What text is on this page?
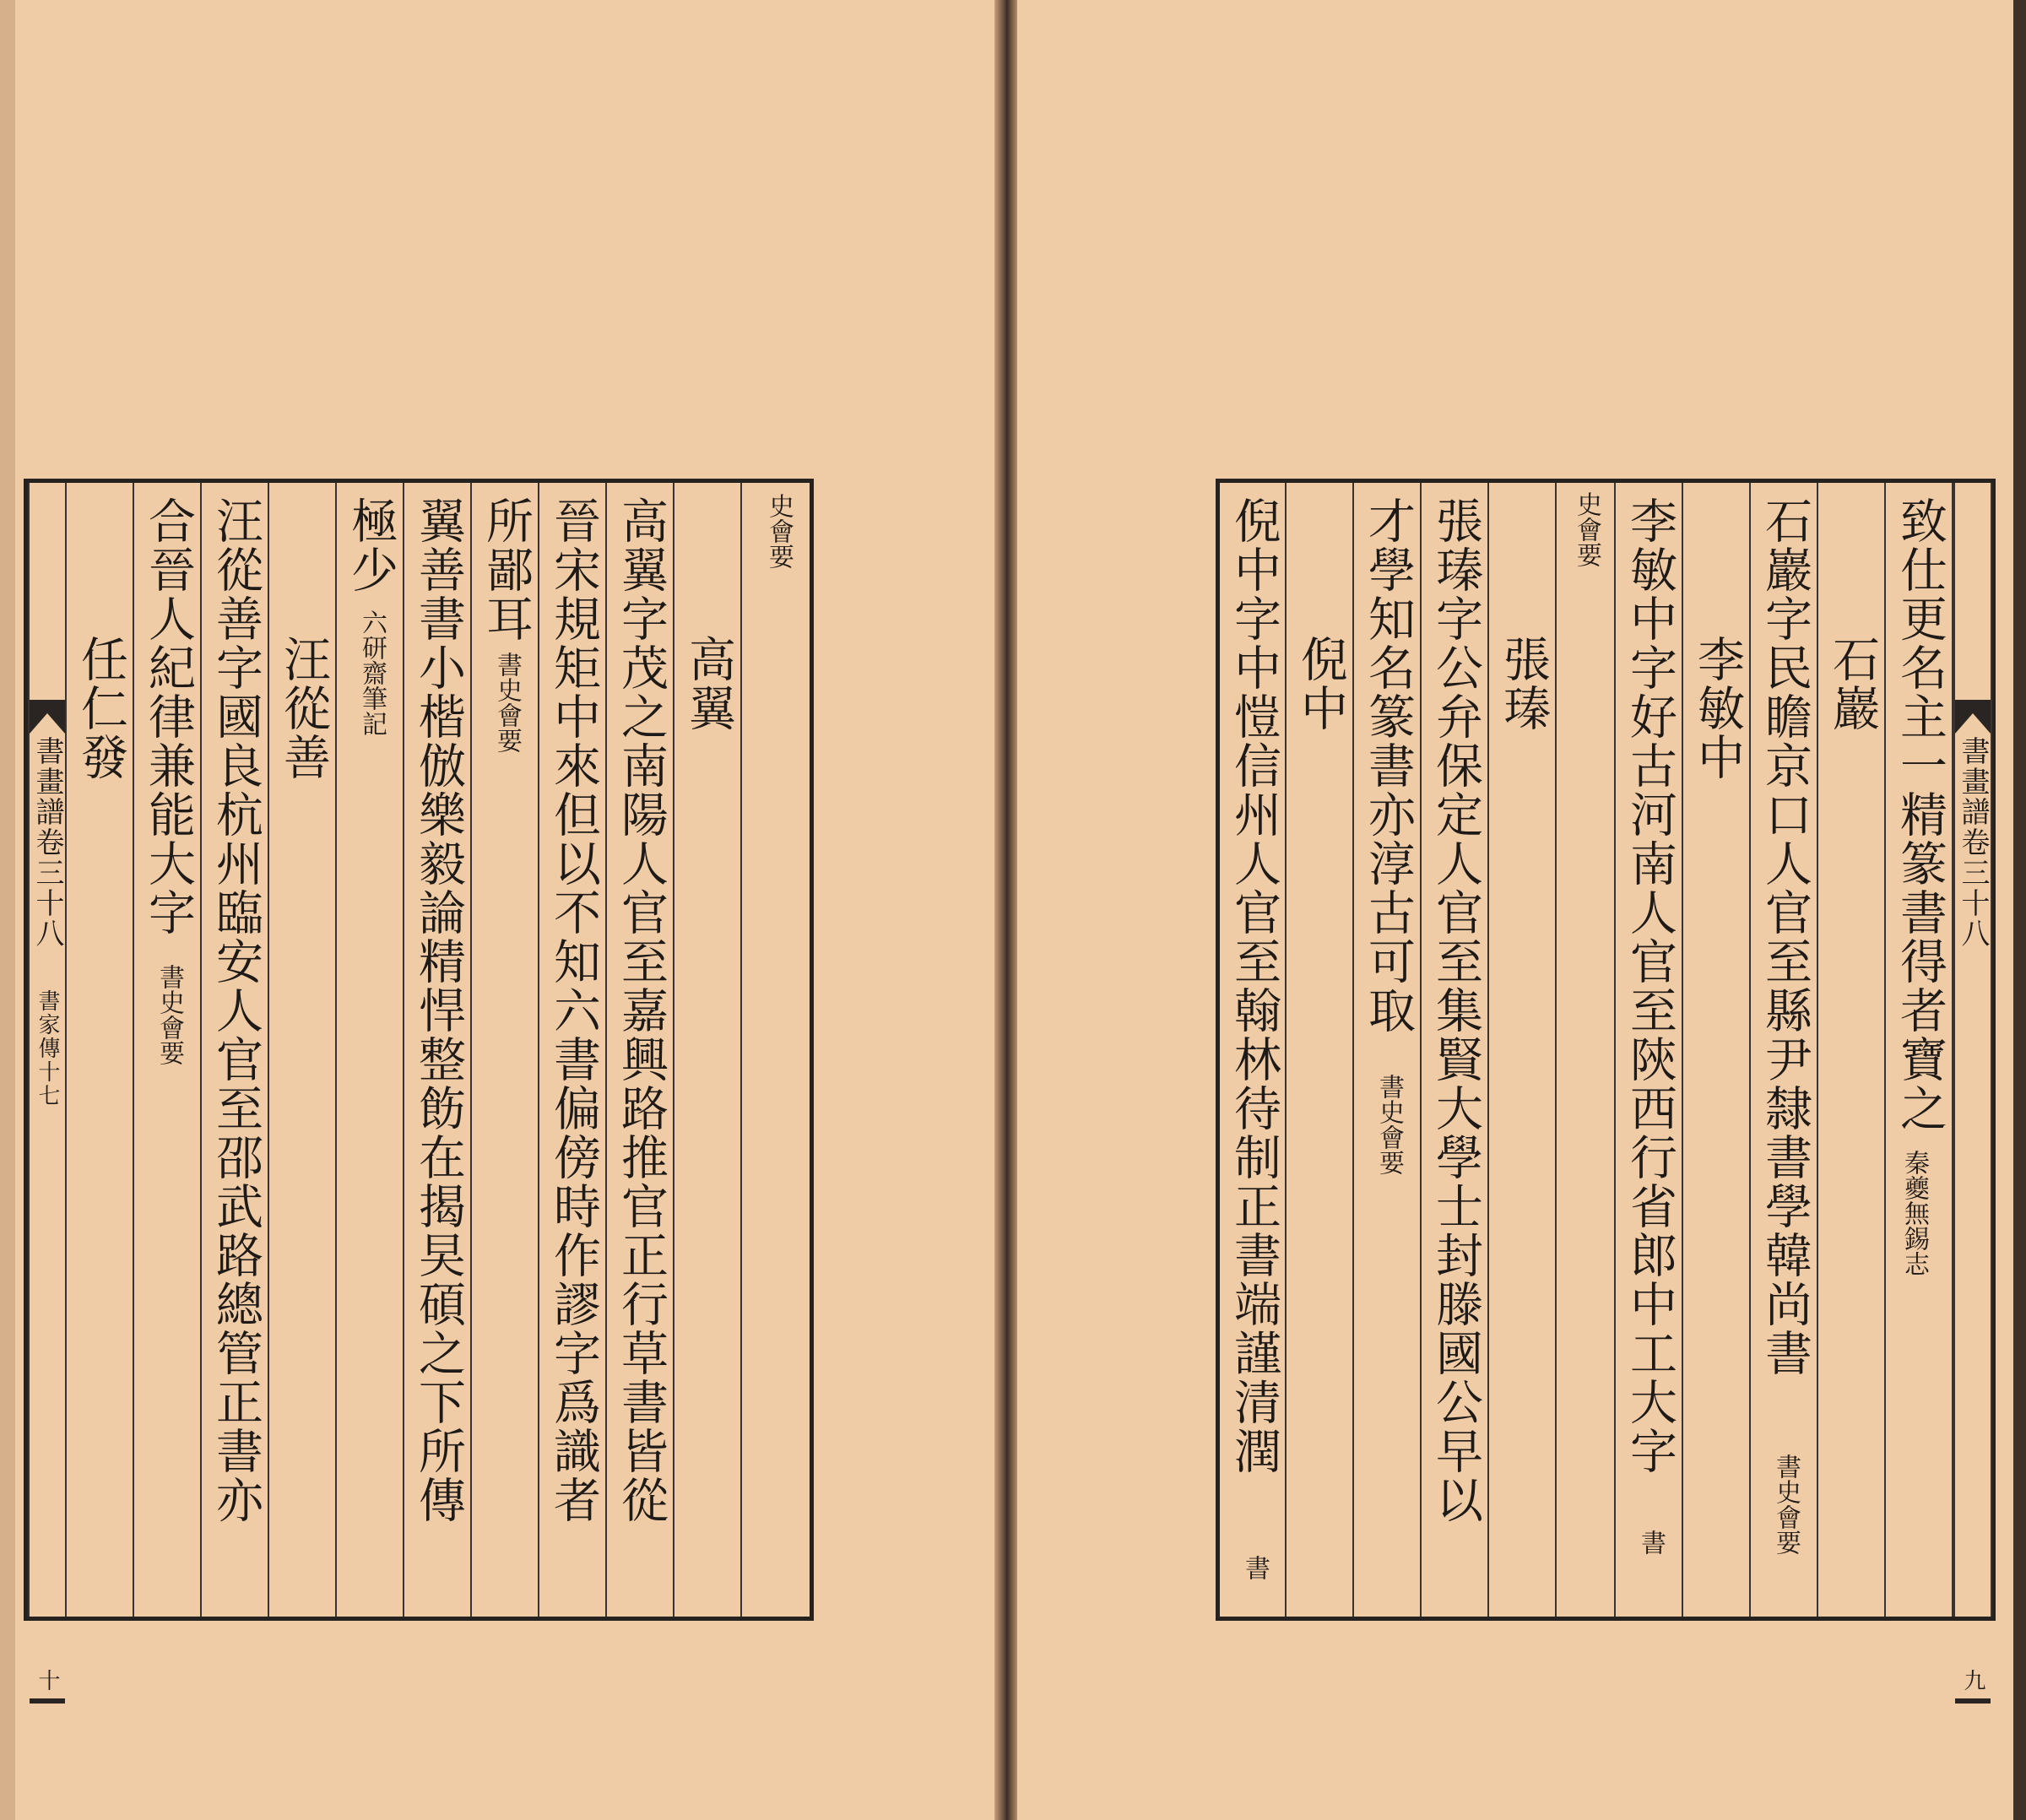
史會要
高翼
高翼字茂之南陽人官至嘉興路推官正行草書皆從
晉宋規矩中來但以不知六書偏傍時作謬字爲識者
所鄙耳
書史會要
翼善書小楷倣樂毅論精悍整飭在揭旲碩之下所傳
極少
六研齋筆記
汪從善
汪從善字國良杭州臨安人官至邵武路總管正書亦
合晉人紀律兼能大字
書史會要
任仁發
書畫譜卷三十八
書家傳十七
十
書畫譜卷三十八
九
致仕更名主一精篆書得者寶之
秦夔無錫志
石巖
石巖字民瞻京口人官至縣尹隸書學韓尚書
書史會要
李敏中
李敏中字好古河南人官至陝西行省郎中工大字
書
史會要
張瑧
張瑧字公弁保定人官至集賢大學士封滕國公早以
才學知名篆書亦淳古可取
書史會要
倪中
倪中字中愷信州人官至翰林待制正書端謹清潤
書
